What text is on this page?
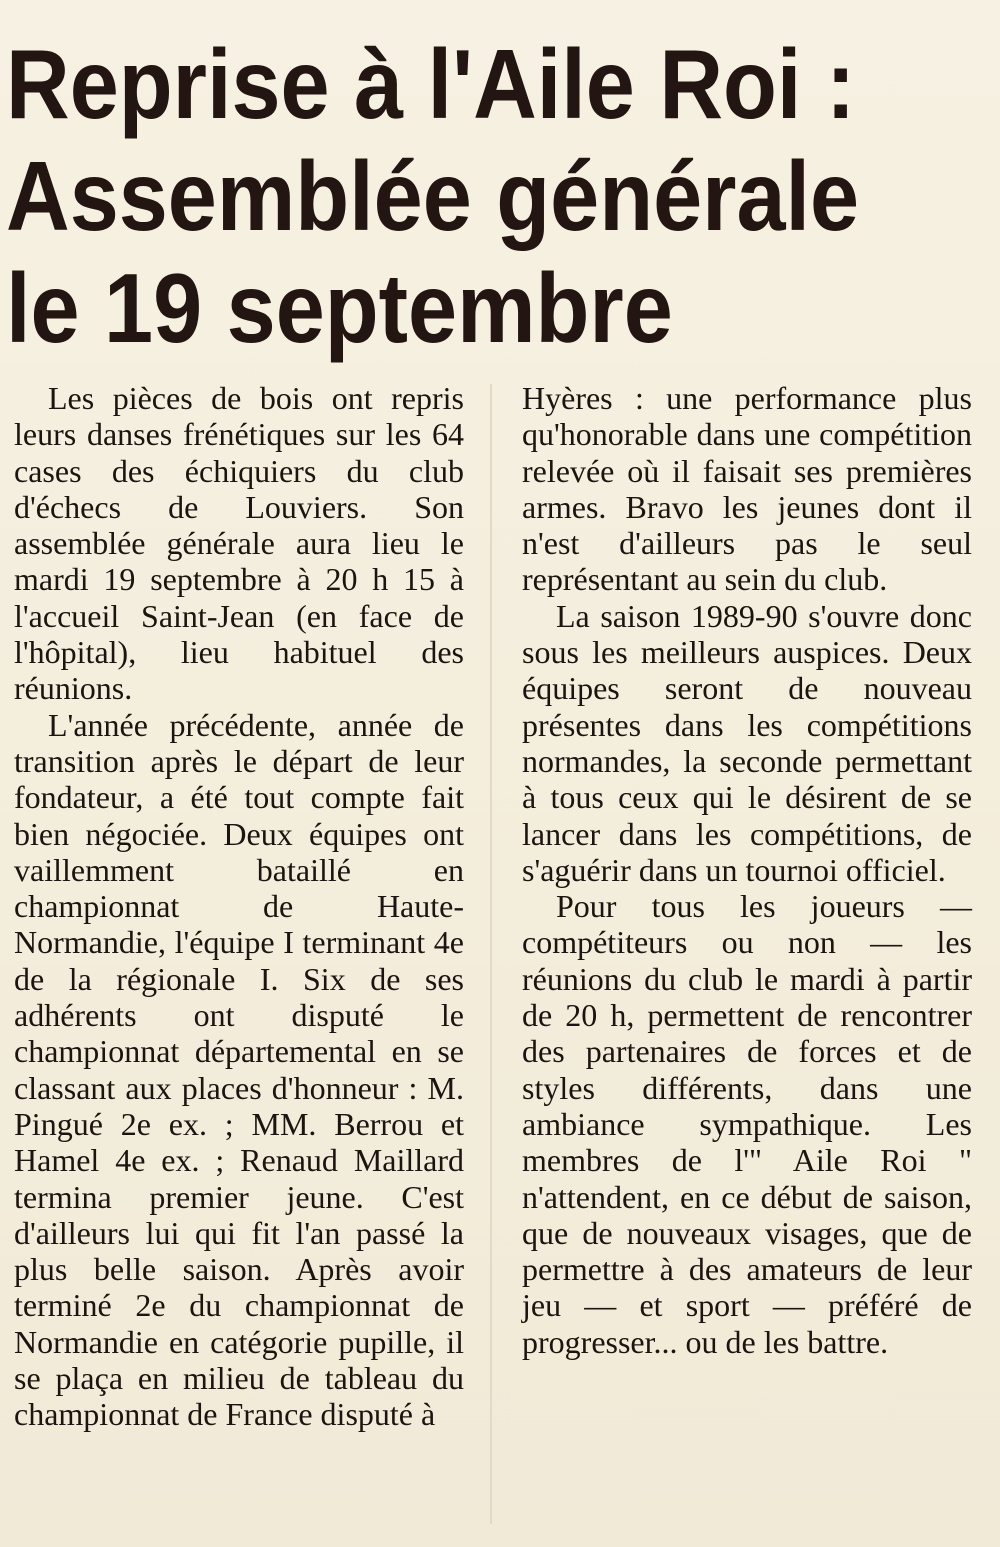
Reprise à l'Aile Roi :
Assemblée générale
le 19 septembre

Les pièces de bois ont repris leurs danses frénétiques sur les 64 cases des échiquiers du club d'échecs de Louviers. Son assemblée générale aura lieu le mardi 19 septembre à 20 h 15 à l'accueil Saint-Jean (en face de l'hôpital), lieu habituel des réunions.

L'année précédente, année de transition après le départ de leur fondateur, a été tout compte fait bien négociée. Deux équipes ont vaillemment bataillé en championnat de Haute-Normandie, l'équipe I terminant 4e de la régionale I. Six de ses adhérents ont disputé le championnat départemental en se classant aux places d'honneur : M. Pingué 2e ex. ; MM. Berrou et Hamel 4e ex. ; Renaud Maillard termina premier jeune. C'est d'ailleurs lui qui fit l'an passé la plus belle saison. Après avoir terminé 2e du championnat de Normandie en catégorie pupille, il se plaça en milieu de tableau du championnat de France disputé à

Hyères : une performance plus qu'honorable dans une compétition relevée où il faisait ses premières armes. Bravo les jeunes dont il n'est d'ailleurs pas le seul représentant au sein du club.

La saison 1989-90 s'ouvre donc sous les meilleurs auspices. Deux équipes seront de nouveau présentes dans les compétitions normandes, la seconde permettant à tous ceux qui le désirent de se lancer dans les compétitions, de s'aguérir dans un tournoi officiel.

Pour tous les joueurs — compétiteurs ou non — les réunions du club le mardi à partir de 20 h, permettent de rencontrer des partenaires de forces et de styles différents, dans une ambiance sympathique. Les membres de l'" Aile Roi " n'attendent, en ce début de saison, que de nouveaux visages, que de permettre à des amateurs de leur jeu — et sport — préféré de progresser... ou de les battre.
